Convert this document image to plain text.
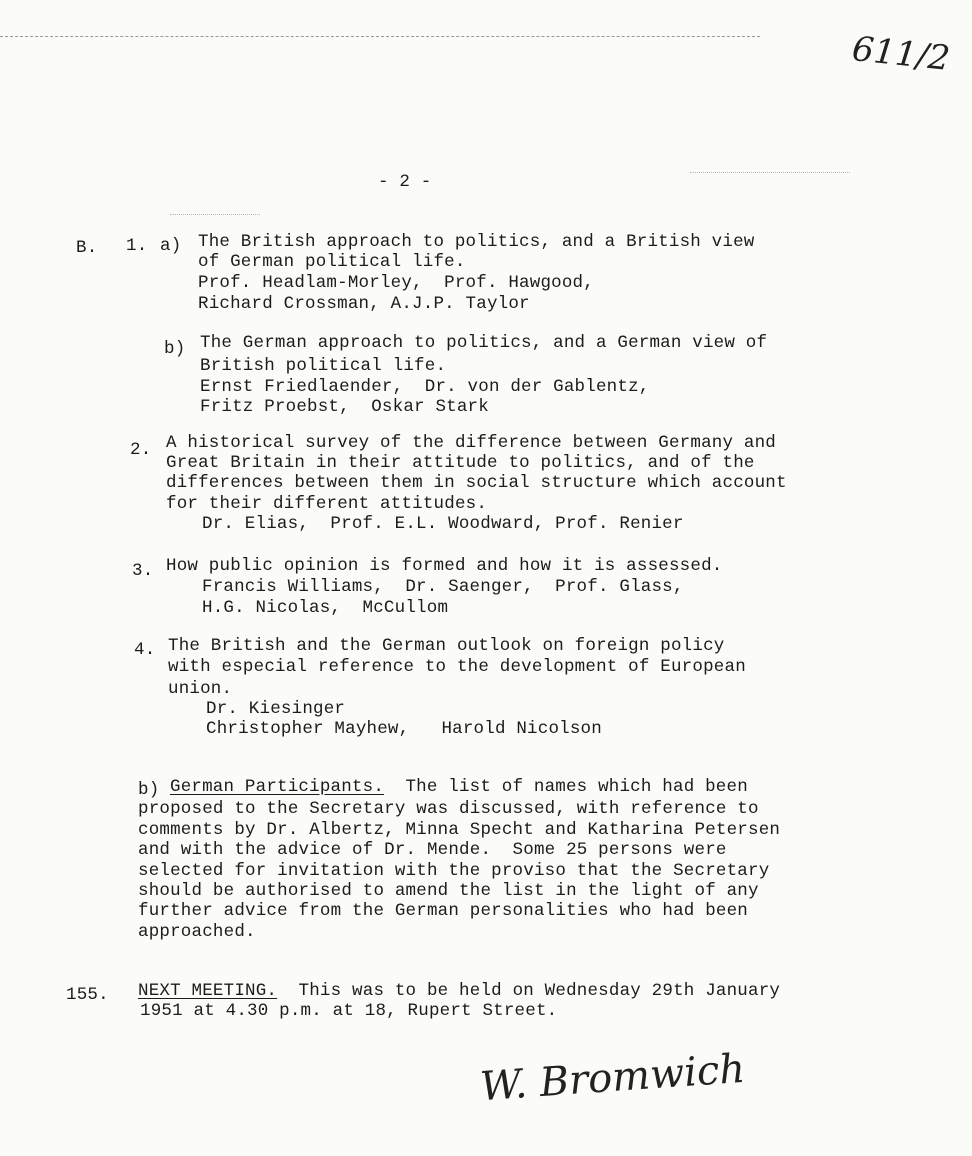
611/2
- 2 -
B. 1. a) The British approach to politics, and a British view
of German political life.
Prof. Headlam-Morley,  Prof. Hawgood,
Richard Crossman, A.J.P. Taylor
b) The German approach to politics, and a German view of
British political life.
Ernst Friedlaender,  Dr. von der Gablentz,
Fritz Proebst,  Oskar Stark
2. A historical survey of the difference between Germany and
Great Britain in their attitude to politics, and of the
differences between them in social structure which account
for their different attitudes.
Dr. Elias,  Prof. E.L. Woodward, Prof. Renier
3. How public opinion is formed and how it is assessed.
Francis Williams,  Dr. Saenger,  Prof. Glass,
H.G. Nicolas,  McCullom
4. The British and the German outlook on foreign policy
with especial reference to the development of European
union.
Dr. Kiesinger
Christopher Mayhew,   Harold Nicolson
b) German Participants.  The list of names which had been
proposed to the Secretary was discussed, with reference to
comments by Dr. Albertz, Minna Specht and Katharina Petersen
and with the advice of Dr. Mende.  Some 25 persons were
selected for invitation with the proviso that the Secretary
should be authorised to amend the list in the light of any
further advice from the German personalities who had been
approached.
155. NEXT MEETING.  This was to be held on Wednesday 29th January
1951 at 4.30 p.m. at 18, Rupert Street.
W. Bromwich
